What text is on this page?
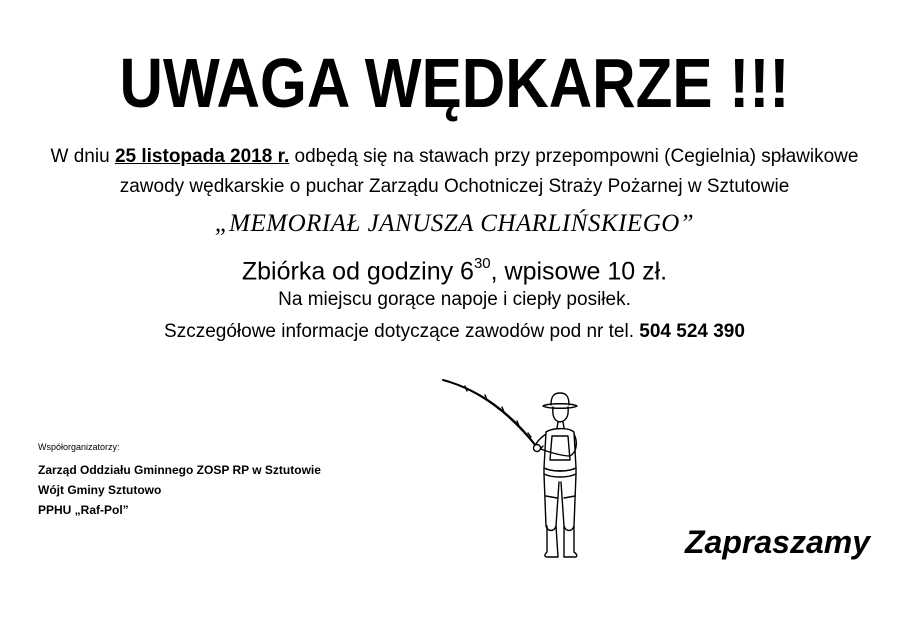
UWAGA WĘDKARZE !!!
W dniu 25 listopada 2018 r. odbędą się na stawach przy przepompowni (Cegielnia) spławikowe
zawody wędkarskie o puchar Zarządu Ochotniczej Straży Pożarnej w Sztutowie
„MEMORIAŁ JANUSZA CHARLIŃSKIEGO”
Zbiórka od godziny $6^{30}$, wpisowe 10 zł.
Na miejscu gorące napoje i ciepły posiłek.
Szczegółowe informacje dotyczące zawodów pod nr tel. 504 524 390
Współorganizatorzy:
Zarząd Oddziału Gminnego ZOSP RP w Sztutowie
Wójt Gminy Sztutowo
PPHU „Raf-Pol”
Zapraszamy
